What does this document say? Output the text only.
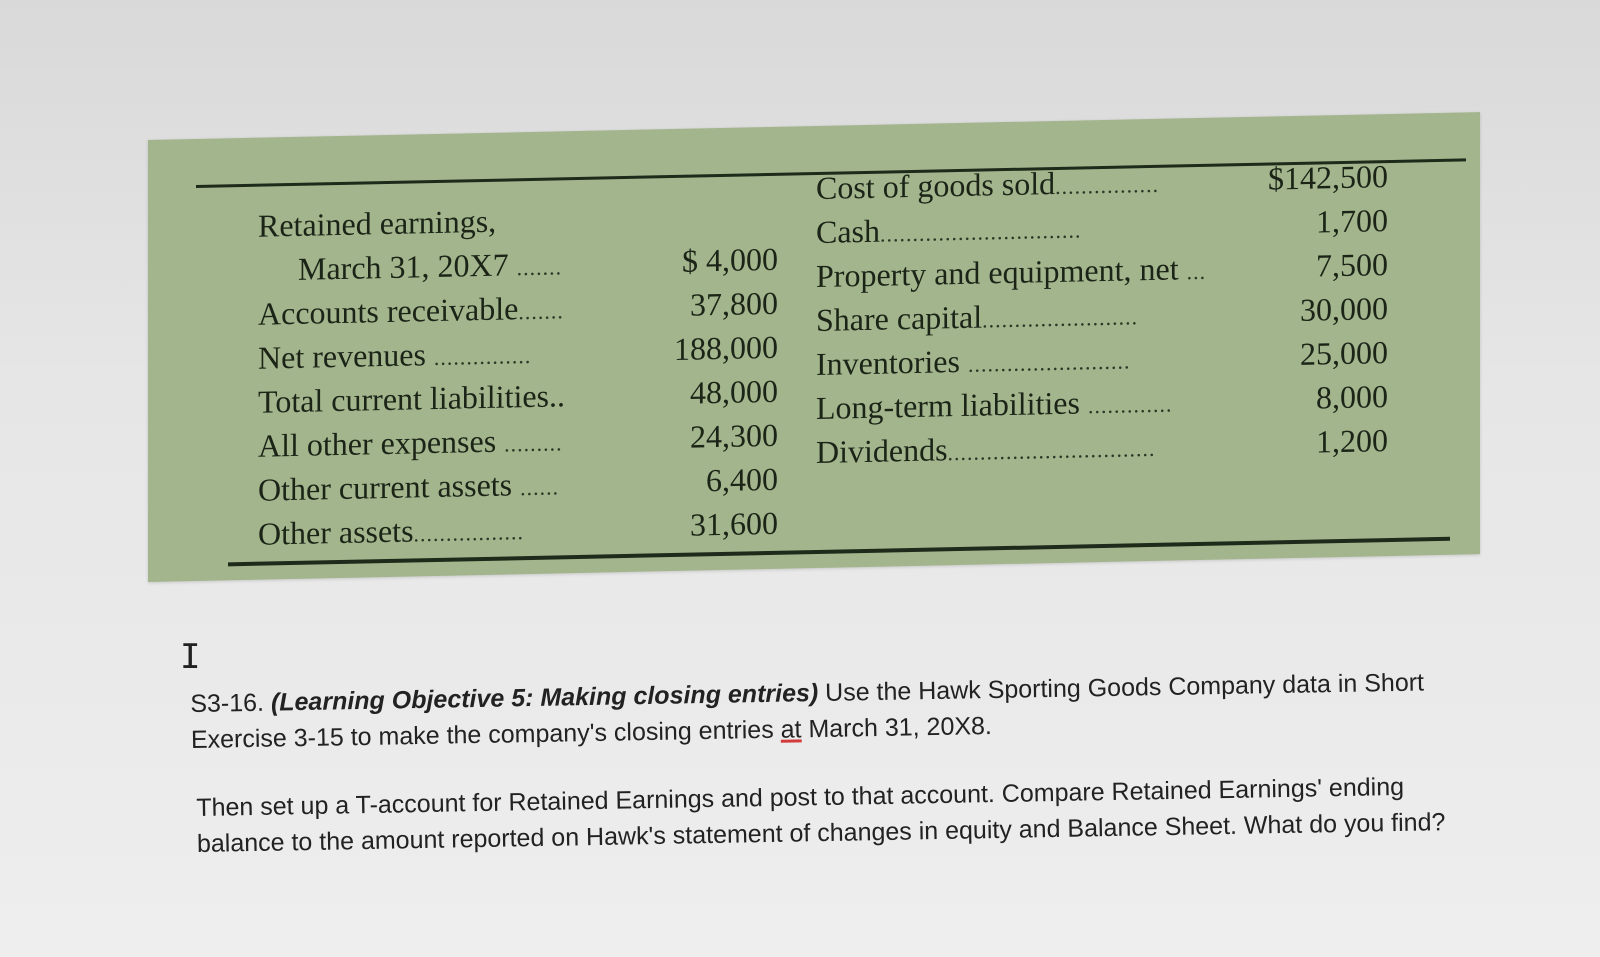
Retained earnings,
March 31, 20X7 .......
Accounts receivable.......
Net revenues ...............
Total current liabilities..
All other expenses .........
Other current assets ......
Other assets.................
$ 4,000
37,800
188,000
48,000
24,300
6,400
31,600
Cost of goods sold................
Cash...............................
Property and equipment, net ...
Share capital........................
Inventories .........................
Long-term liabilities .............
Dividends................................
$142,500
1,700
7,500
30,000
25,000
8,000
1,200
I
S3-16. (Learning Objective 5: Making closing entries) Use the Hawk Sporting Goods Company data in Short Exercise 3-15 to make the company's closing entries at March 31, 20X8.
Then set up a T-account for Retained Earnings and post to that account. Compare Retained Earnings' ending balance to the amount reported on Hawk's statement of changes in equity and Balance Sheet. What do you find?
